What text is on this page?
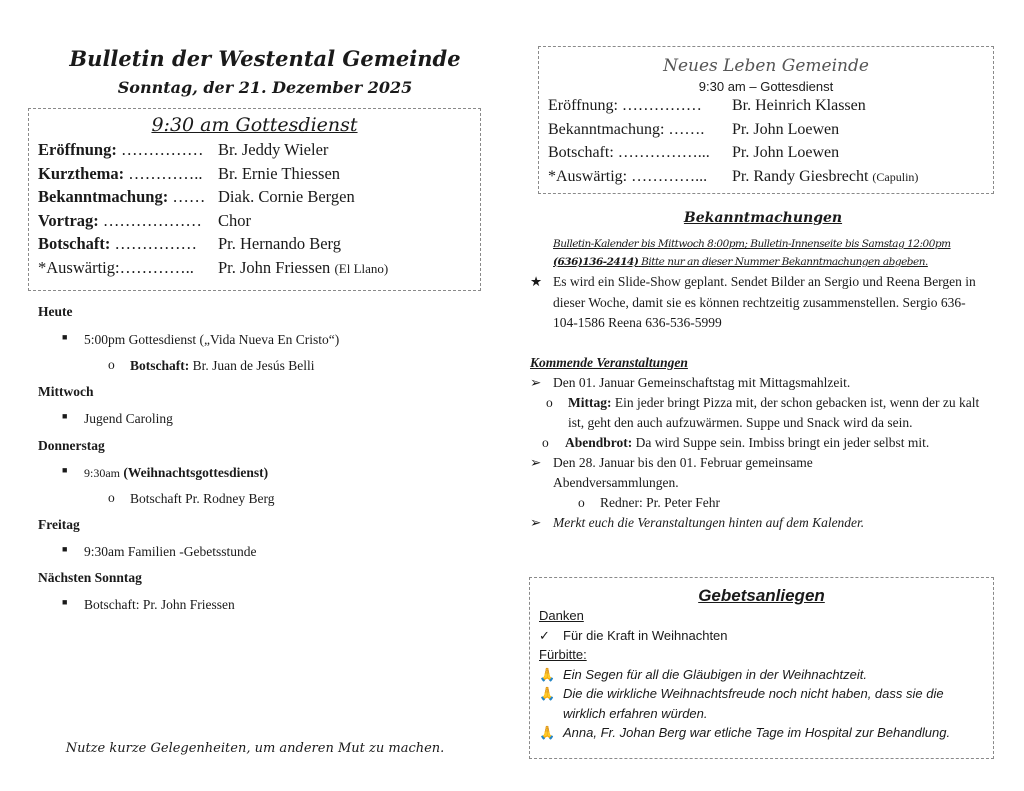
Bulletin der Westental Gemeinde
Sonntag, der 21. Dezember 2025
9:30 am Gottesdienst
Eröffnung: …………… Br. Jeddy Wieler
Kurzthema: ………….. Br. Ernie Thiessen
Bekanntmachung: …… Diak. Cornie Bergen
Vortrag: ……………… Chor
Botschaft: ……………	Pr. Hernando Berg
*Auswärtig:…………..	Pr. John Friessen (El Llano)
Heute
■ 5:00pm Gottesdienst („Vida Nueva En Cristo“)
o Botschaft: Br. Juan de Jesús Belli
Mittwoch
■ Jugend Caroling
Donnerstag
■ 9:30am (Weihnachtsgottesdienst)
o Botschaft Pr. Rodney Berg
Freitag
■ 9:30am Familien -Gebetsstunde
Nächsten Sonntag
■ Botschaft: Pr. John Friessen
Nutze kurze Gelegenheiten, um anderen Mut zu machen.
Neues Leben Gemeinde
9:30 am – Gottesdienst
Eröffnung: ……………	Br. Heinrich Klassen
Bekanntmachung: …….	Pr. John Loewen
Botschaft: ……………...	Pr. John Loewen
*Auswärtig: …………...	Pr. Randy Giesbrecht (Capulin)
Bekanntmachungen
Bulletin-Kalender bis Mittwoch 8:00pm; Bulletin-Innenseite bis Samstag 12:00pm
(636)136-2414) Bitte nur an dieser Nummer Bekanntmachungen abgeben.
★ Es wird ein Slide-Show geplant. Sendet Bilder an Sergio und Reena Bergen in dieser Woche, damit sie es können rechtzeitig zusammenstellen. Sergio 636-104-1586 Reena 636-536-5999
Kommende Veranstaltungen
➢ Den 01. Januar Gemeinschaftstag mit Mittagsmahlzeit.
o Mittag: Ein jeder bringt Pizza mit, der schon gebacken ist, wenn der zu kalt ist, geht den auch aufzuwärmen. Suppe und Snack wird da sein.
o Abendbrot: Da wird Suppe sein. Imbiss bringt ein jeder selbst mit.
➢ Den 28. Januar bis den 01. Februar gemeinsame Abendversammlungen.
o Redner: Pr. Peter Fehr
➢ Merkt euch die Veranstaltungen hinten auf dem Kalender.
Gebetsanliegen
Danken
✓ Für die Kraft in Weihnachten
Fürbitte:
🙏 Ein Segen für all die Gläubigen in der Weihnachtzeit.
🙏 Die die wirkliche Weihnachtsfreude noch nicht haben, dass sie die wirklich erfahren würden.
🙏 Anna, Fr. Johan Berg war etliche Tage im Hospital zur Behandlung.
